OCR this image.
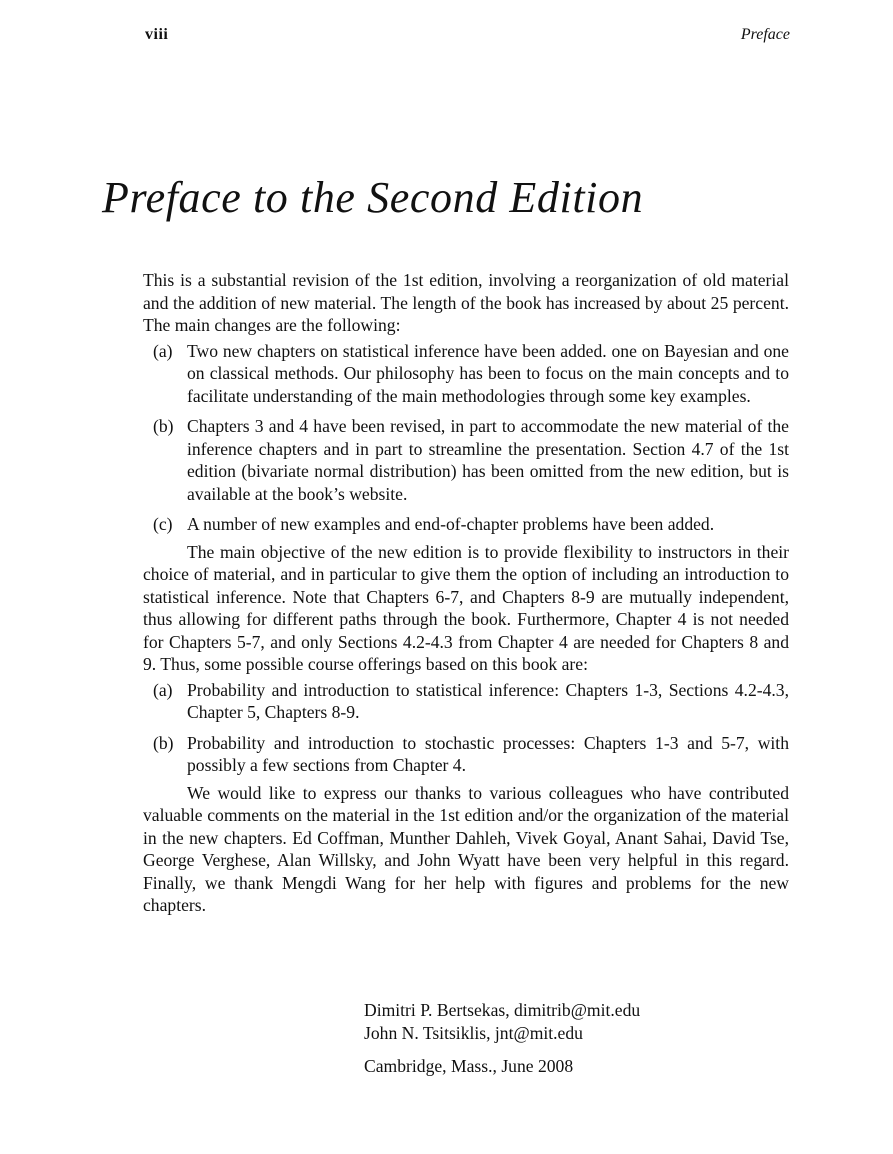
viii	Preface
Preface to the Second Edition

This is a substantial revision of the 1st edition, involving a reorganization of old material and the addition of new material. The length of the book has increased by about 25 percent. The main changes are the following:

(a) Two new chapters on statistical inference have been added. one on Bayesian and one on classical methods. Our philosophy has been to focus on the main concepts and to facilitate understanding of the main methodologies through some key examples.
(b) Chapters 3 and 4 have been revised, in part to accommodate the new material of the inference chapters and in part to streamline the presentation. Section 4.7 of the 1st edition (bivariate normal distribution) has been omitted from the new edition, but is available at the book’s website.
(c) A number of new examples and end-of-chapter problems have been added.

The main objective of the new edition is to provide flexibility to instructors in their choice of material, and in particular to give them the option of including an introduction to statistical inference. Note that Chapters 6-7, and Chapters 8-9 are mutually independent, thus allowing for different paths through the book. Furthermore, Chapter 4 is not needed for Chapters 5-7, and only Sections 4.2-4.3 from Chapter 4 are needed for Chapters 8 and 9. Thus, some possible course offerings based on this book are:

(a) Probability and introduction to statistical inference: Chapters 1-3, Sections 4.2-4.3, Chapter 5, Chapters 8-9.
(b) Probability and introduction to stochastic processes: Chapters 1-3 and 5-7, with possibly a few sections from Chapter 4.

We would like to express our thanks to various colleagues who have contributed valuable comments on the material in the 1st edition and/or the organization of the material in the new chapters. Ed Coffman, Munther Dahleh, Vivek Goyal, Anant Sahai, David Tse, George Verghese, Alan Willsky, and John Wyatt have been very helpful in this regard. Finally, we thank Mengdi Wang for her help with figures and problems for the new chapters.

Dimitri P. Bertsekas, dimitrib@mit.edu
John N. Tsitsiklis, jnt@mit.edu
Cambridge, Mass., June 2008
